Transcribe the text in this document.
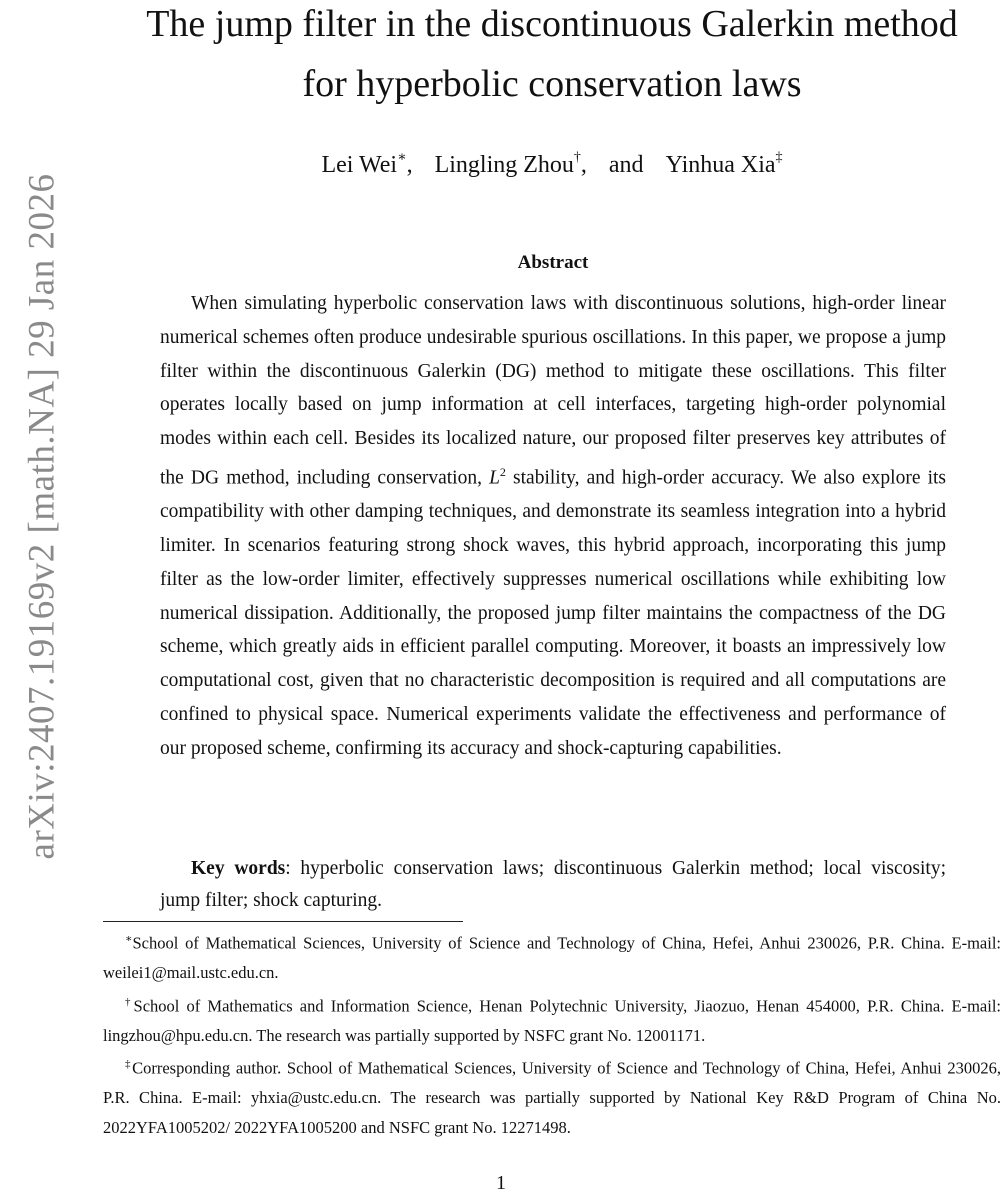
arXiv:2407.19169v2 [math.NA] 29 Jan 2026
The jump filter in the discontinuous Galerkin method
for hyperbolic conservation laws
Lei Wei∗, Lingling Zhou†, and Yinhua Xia‡
Abstract

When simulating hyperbolic conservation laws with discontinuous solutions, high-order linear numerical schemes often produce undesirable spurious oscillations. In this paper, we propose a jump filter within the discontinuous Galerkin (DG) method to mitigate these oscillations. This filter operates locally based on jump information at cell interfaces, targeting high-order polynomial modes within each cell. Besides its localized nature, our proposed filter preserves key attributes of the DG method, including conservation, $L^2$ stability, and high-order accuracy. We also explore its compatibility with other damping techniques, and demonstrate its seamless integration into a hybrid limiter. In scenarios featuring strong shock waves, this hybrid approach, incorporating this jump filter as the low-order limiter, effectively suppresses numerical oscillations while exhibiting low numerical dissipation. Additionally, the proposed jump filter maintains the compactness of the DG scheme, which greatly aids in efficient parallel computing. Moreover, it boasts an impressively low computational cost, given that no characteristic decomposition is required and all computations are confined to physical space. Numerical experiments validate the effectiveness and performance of our proposed scheme, confirming its accuracy and shock-capturing capabilities.

Key words: hyperbolic conservation laws; discontinuous Galerkin method; local viscosity; jump filter; shock capturing.

∗School of Mathematical Sciences, University of Science and Technology of China, Hefei, Anhui 230026, P.R. China. E-mail: weilei1@mail.ustc.edu.cn.

†School of Mathematics and Information Science, Henan Polytechnic University, Jiaozuo, Henan 454000, P.R. China. E-mail: lingzhou@hpu.edu.cn. The research was partially supported by NSFC grant No. 12001171.

‡Corresponding author. School of Mathematical Sciences, University of Science and Technology of China, Hefei, Anhui 230026, P.R. China. E-mail: yhxia@ustc.edu.cn. The research was partially supported by National Key R&D Program of China No. 2022YFA1005202/ 2022YFA1005200 and NSFC grant No. 12271498.

1
